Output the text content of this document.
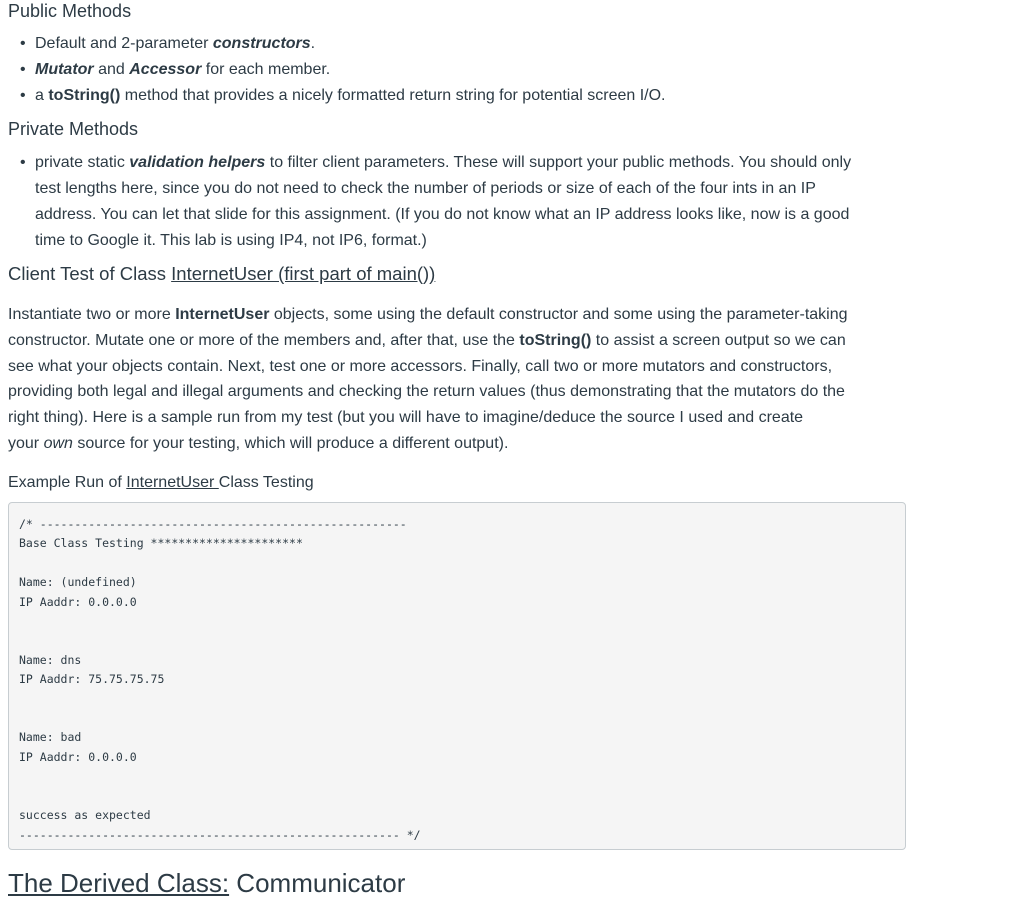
Public Methods
• Default and 2-parameter constructors.
• Mutator and Accessor for each member.
• a toString() method that provides a nicely formatted return string for potential screen I/O.
Private Methods
• private static validation helpers to filter client parameters. These will support your public methods. You should only
test lengths here, since you do not need to check the number of periods or size of each of the four ints in an IP
address. You can let that slide for this assignment. (If you do not know what an IP address looks like, now is a good
time to Google it. This lab is using IP4, not IP6, format.)
Client Test of Class InternetUser (first part of main())

Instantiate two or more InternetUser objects, some using the default constructor and some using the parameter-taking

constructor. Mutate one or more of the members and, after that, use the toString() to assist a screen output so we can

see what your objects contain. Next, test one or more accessors. Finally, call two or more mutators and constructors,

providing both legal and illegal arguments and checking the return values (thus demonstrating that the mutators do the

right thing). Here is a sample run from my test (but you will have to imagine/deduce the source I used and create

your own source for your testing, which will produce a different output).

Example Run of InternetUser Class Testing

/* -----------------------------------------------------
Base Class Testing **********************

Name: (undefined)
IP Aaddr: 0.0.0.0

Name: dns
IP Aaddr: 75.75.75.75

Name: bad
IP Aaddr: 0.0.0.0

success as expected
------------------------------------------------------- */
The Derived Class: Communicator
